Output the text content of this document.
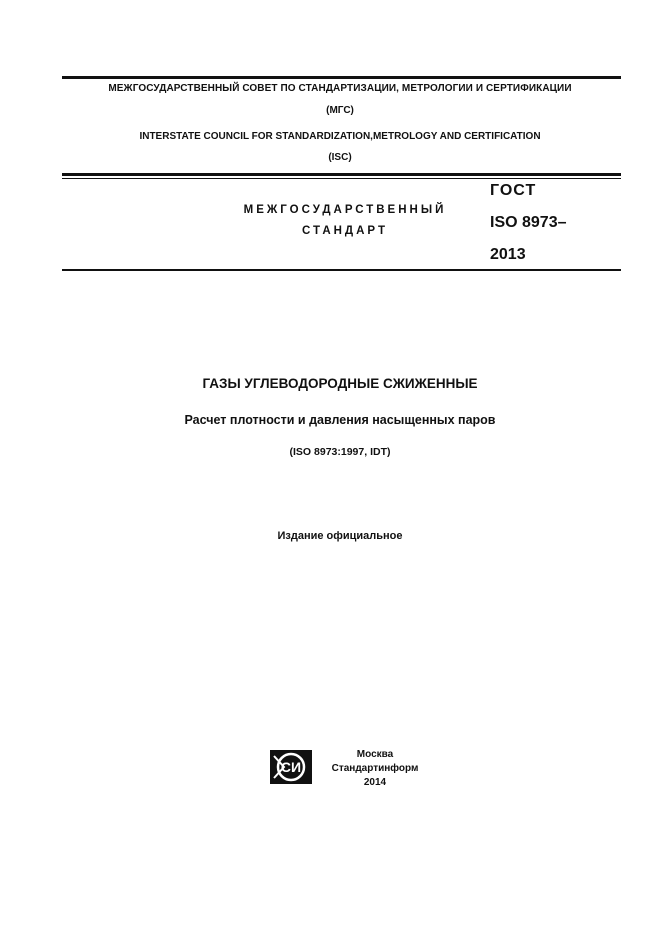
МЕЖГОСУДАРСТВЕННЫЙ СОВЕТ ПО СТАНДАРТИЗАЦИИ, МЕТРОЛОГИИ И СЕРТИФИКАЦИИ
(МГС)
INTERSTATE COUNCIL FOR STANDARDIZATION,METROLOGY AND CERTIFICATION
(ISC)
МЕЖГОСУДАРСТВЕННЫЙ
СТАНДАРТ
ГОСТ
ISO 8973–
2013
ГАЗЫ УГЛЕВОДОРОДНЫЕ СЖИЖЕННЫЕ
Расчет плотности и давления насыщенных паров
(ISO 8973:1997, IDT)
Издание официальное
СИ
Москва
Стандартинформ
2014
